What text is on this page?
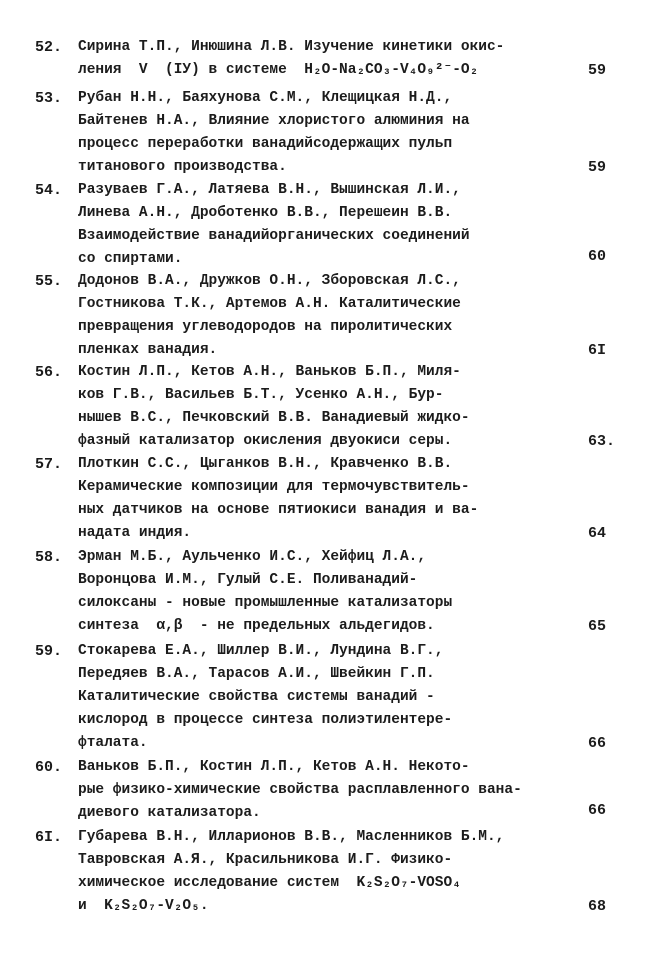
52. Сирина Т.П., Инюшина Л.В. Изучение кинетики окис-
ления  V  (IУ) в системе  H₂O-Na₂CO₃-V₄O₉²⁻-O₂	59
53. Рубан Н.Н., Баяхунова С.М., Клещицкая Н.Д.,
Байтенев Н.А., Влияние хлористого алюминия на
процесс переработки ванадийсодержащих пульп
титанового производства.	59
54. Разуваев Г.А., Латяева В.Н., Вышинская Л.И.,
Линева А.Н., Дроботенко В.В., Перешеин В.В.
Взаимодействие ванадийорганических соединений
со спиртами.	60
55. Додонов В.А., Дружков О.Н., Зборовская Л.С.,
Гостникова Т.К., Артемов А.Н. Каталитические
превращения углеводородов на пиролитических
пленках ванадия.	6I
56. Костин Л.П., Кетов А.Н., Ваньков Б.П., Миля-
ков Г.В., Васильев Б.Т., Усенко А.Н., Бур-
нышев В.С., Печковский В.В. Ванадиевый жидко-
фазный катализатор окисления двуокиси серы.	63.
57. Плоткин С.С., Цыганков В.Н., Кравченко В.В.
Керамические композиции для термочувствитель-
ных датчиков на основе пятиокиси ванадия и ва-
надата индия.	64
58. Эрман М.Б., Аульченко И.С., Хейфиц Л.А.,
Воронцова И.М., Гулый С.Е. Поливанадий-
силоксаны - новые промышленные катализаторы
синтеза  α,β  - не предельных альдегидов.	65
59. Стокарева Е.А., Шиллер В.И., Лундина В.Г.,
Передяев В.А., Тарасов А.И., Швейкин Г.П.
Каталитические свойства системы ванадий -
кислород в процессе синтеза полиэтилентере-
фталата.	66
60. Ваньков Б.П., Костин Л.П., Кетов А.Н. Некото-
рые физико-химические свойства расплавленного вана-
диевого катализатора.	66
6I. Губарева В.Н., Илларионов В.В., Масленников Б.М.,
Тавровская А.Я., Красильникова И.Г. Физико-
химическое исследование систем  K₂S₂O₇-VOSO₄
и  K₂S₂O₇-V₂O₅.	68
